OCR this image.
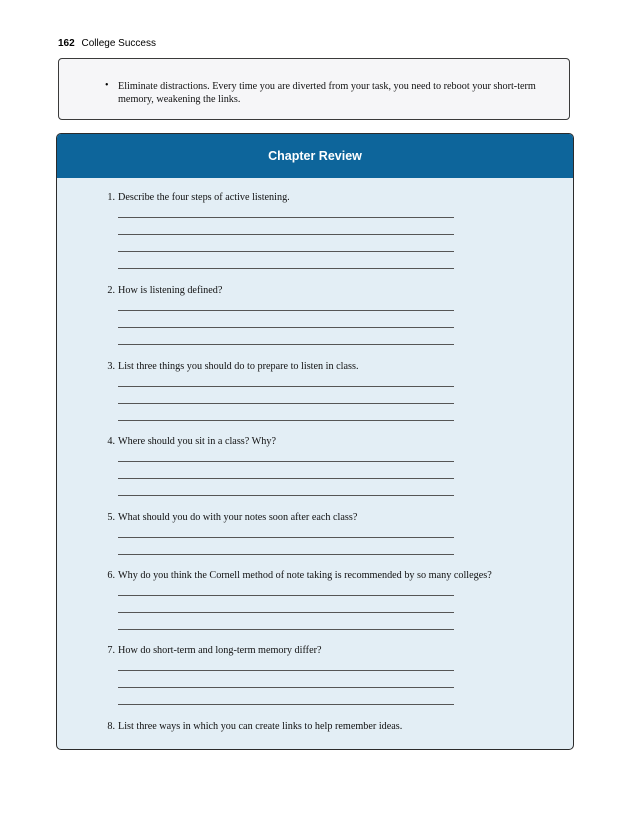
162 College Success
• Eliminate distractions. Every time you are diverted from your task, you need to reboot your short-term memory, weakening the links.
Chapter Review
1. Describe the four steps of active listening.
2. How is listening defined?
3. List three things you should do to prepare to listen in class.
4. Where should you sit in a class? Why?
5. What should you do with your notes soon after each class?
6. Why do you think the Cornell method of note taking is recommended by so many colleges?
7. How do short-term and long-term memory differ?
8. List three ways in which you can create links to help remember ideas.
